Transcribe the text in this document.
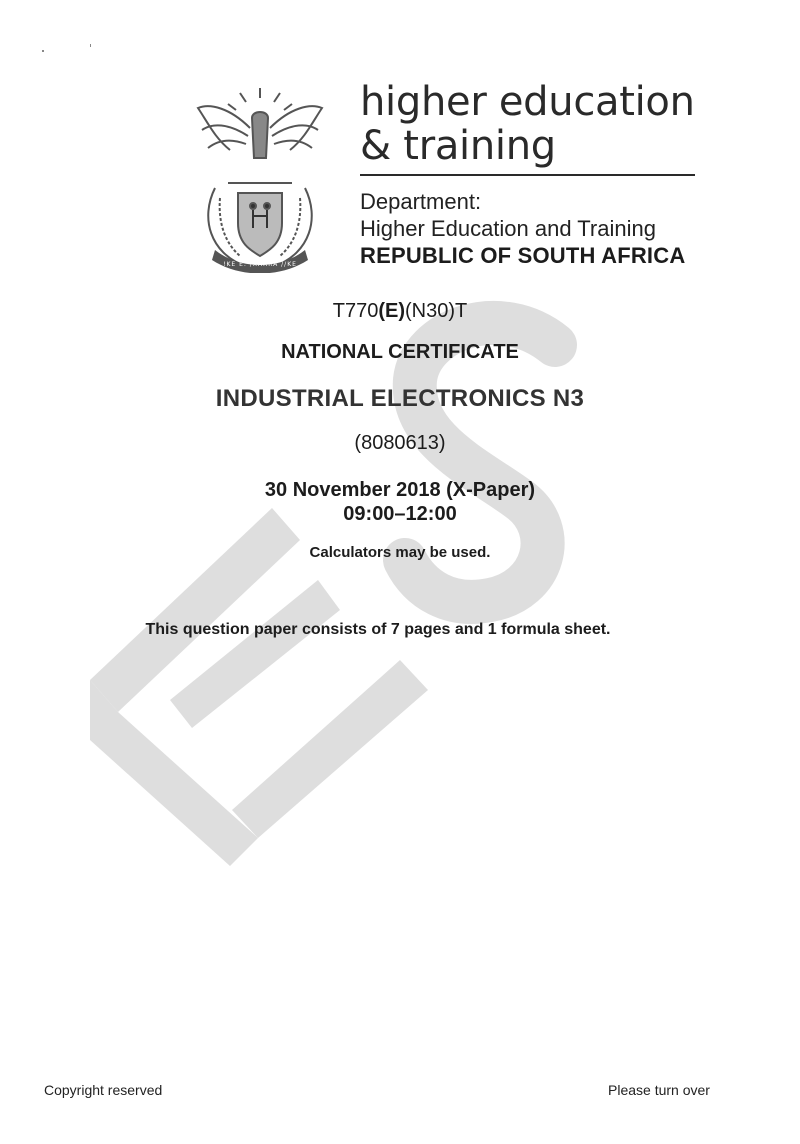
!KE E: /XARRA //KE
higher education
& training
Department:
Higher Education and Training
REPUBLIC OF SOUTH AFRICA
T770(E)(N30)T
NATIONAL CERTIFICATE
INDUSTRIAL ELECTRONICS N3
(8080613)
30 November 2018 (X-Paper)
09:00–12:00
Calculators may be used.
This question paper consists of 7 pages and 1 formula sheet.
Copyright reserved	Please turn over
